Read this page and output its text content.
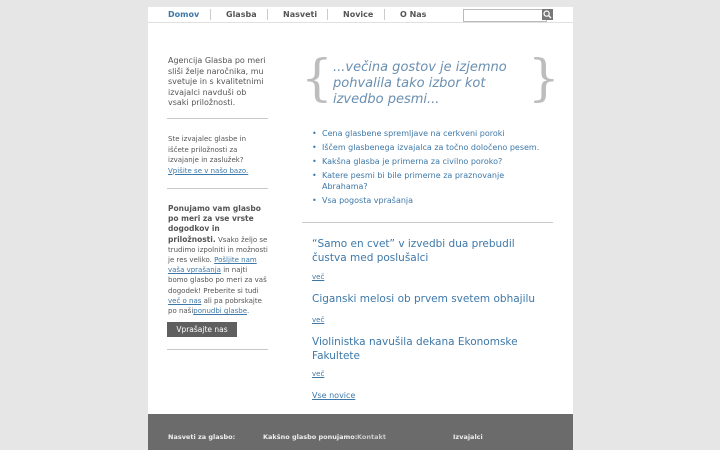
Domov	Glasba	Nasveti	Novice	O Nas
Agencija Glasba po meri sliši želje naročnika, mu svetuje in s kvalitetnimi izvajalci navduši ob vsaki priložnosti.
Ste izvajalec glasbe in iščete priložnosti za izvajanje in zaslužek? Vpišite se v našo bazo.
Ponujamo vam glasbo po meri za vse vrste dogodkov in priložnosti. Vsako željo se trudimo izpolniti in možnosti je res veliko. Pošljite nam vaša vprašanja in najti bomo glasbo po meri za vaš dogodek! Preberite si tudi več o nas ali pa pobrskajte po našiponudbi glasbe.
Vprašajte nas
{	}
...večina gostov je izjemno pohvalila tako izbor kot izvedbo pesmi...
• Cena glasbene spremljave na cerkveni poroki
• Iščem glasbenega izvajalca za točno določeno pesem.
• Kakšna glasba je primerna za civilno poroko?
• Katere pesmi bi bile primerne za praznovanje Abrahama?
• Vsa pogosta vprašanja
“Samo en cvet” v izvedbi dua prebudil čustva med poslušalci
več
Ciganski melosi ob prvem svetem obhajilu
več
Violinistka navušila dekana Ekonomske Fakultete
več
Vse novice
Nasveti za glasbo:	Kakšno glasbo ponujamo: Kontakt	Izvajalci
